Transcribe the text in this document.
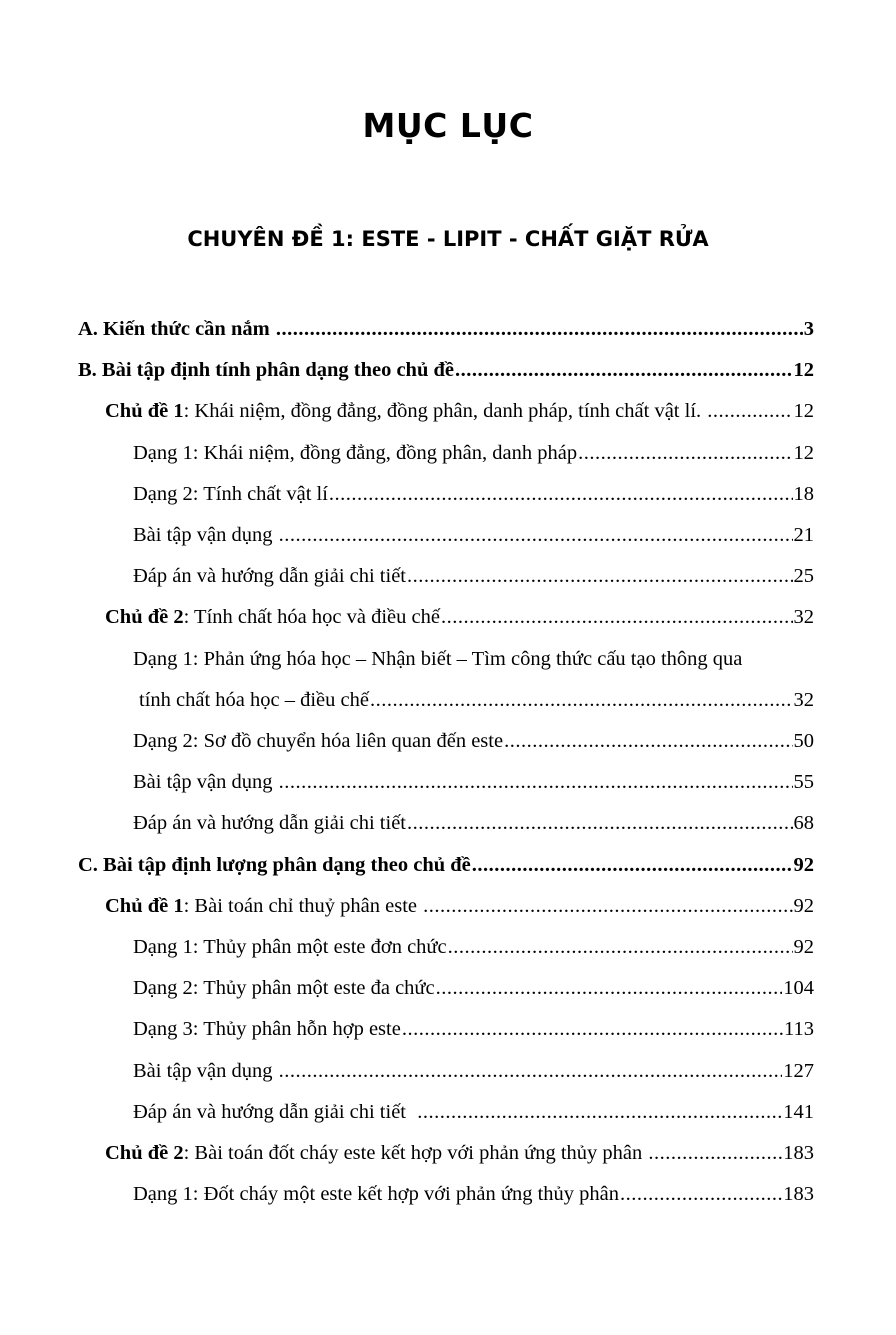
MỤC LỤC
CHUYÊN ĐỀ 1: ESTE - LIPIT - CHẤT GIẶT RỬA
A. Kiến thức cần nắm .....	3
B. Bài tập định tính phân dạng theo chủ đề .....	12
Chủ đề 1 : Khái niệm, đồng đẳng, đồng phân, danh pháp, tính chất vật lí. .....	12
Dạng 1: Khái niệm, đồng đẳng, đồng phân, danh pháp .....	12
Dạng 2: Tính chất vật lí .....	18
Bài tập vận dụng .....	21
Đáp án và hướng dẫn giải chi tiết .....	25
Chủ đề 2 : Tính chất hóa học và điều chế .....	32
Dạng 1: Phản ứng hóa học – Nhận biết – Tìm công thức cấu tạo thông qua
tính chất hóa học – điều chế .....	32
Dạng 2: Sơ đồ chuyển hóa liên quan đến este .....	50
Bài tập vận dụng .....	55
Đáp án và hướng dẫn giải chi tiết .....	68
C. Bài tập định lượng phân dạng theo chủ đề .....	92
Chủ đề 1 : Bài toán chỉ thuỷ phân este .....	92
Dạng 1: Thủy phân một este đơn chức .....	92
Dạng 2: Thủy phân một este đa chức .....	104
Dạng 3: Thủy phân hỗn hợp este .....	113
Bài tập vận dụng .....	127
Đáp án và hướng dẫn giải chi tiết .....	141
Chủ đề 2 : Bài toán đốt cháy este kết hợp với phản ứng thủy phân .....	183
Dạng 1: Đốt cháy một este kết hợp với phản ứng thủy phân .....	183
